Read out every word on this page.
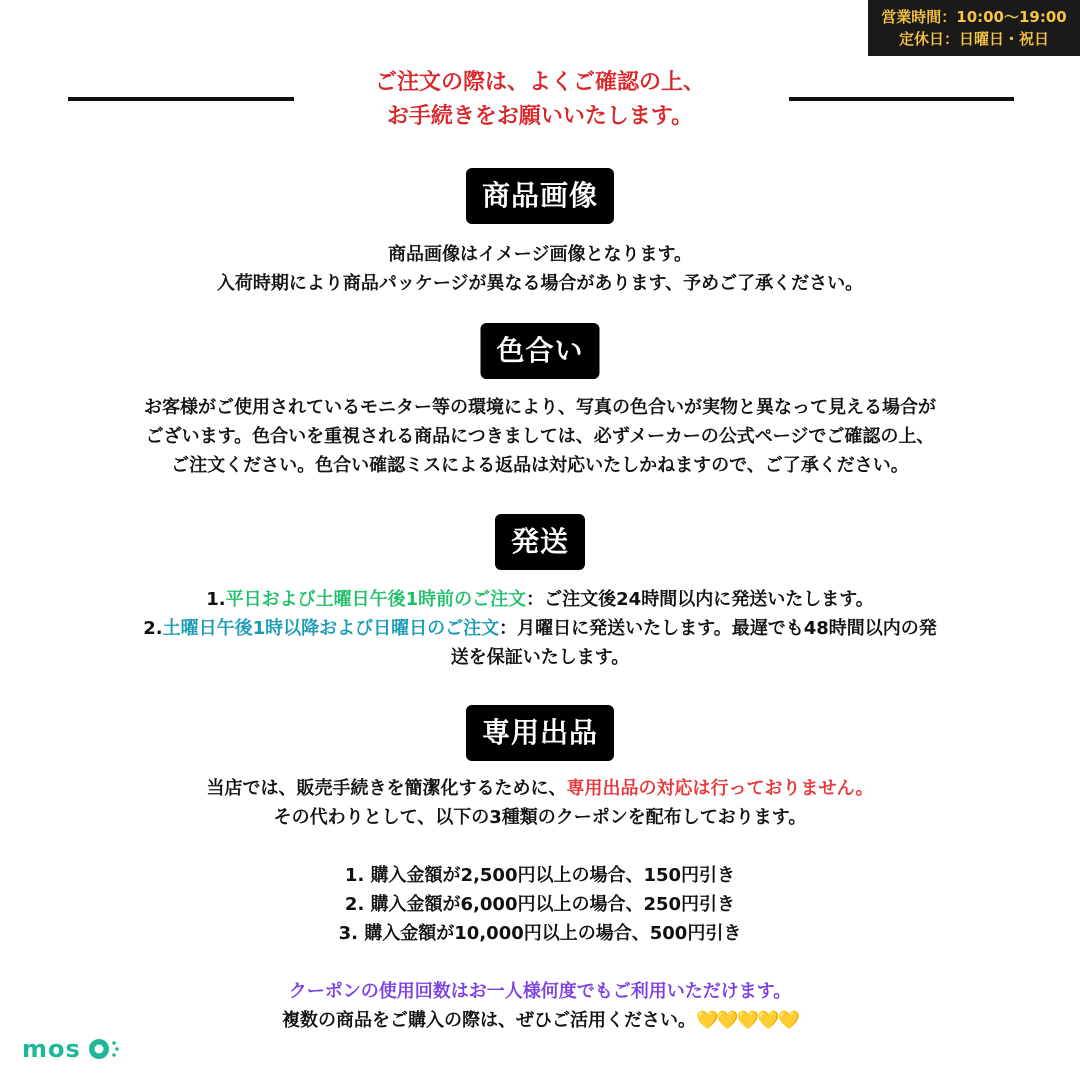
営業時間：10:00〜19:00
定休日：日曜日・祝日
ご注文の際は、よくご確認の上、
お手続きをお願いいたします。
商品画像
商品画像はイメージ画像となります。
入荷時期により商品パッケージが異なる場合があります、予めご了承ください。
色合い
お客様がご使用されているモニター等の環境により、写真の色合いが実物と異なって見える場合が
ございます。色合いを重視される商品につきましては、必ずメーカーの公式ページでご確認の上、
ご注文ください。色合い確認ミスによる返品は対応いたしかねますので、ご了承ください。
発送
1.平日および土曜日午後1時前のご注文：ご注文後24時間以内に発送いたします。
2.土曜日午後1時以降および日曜日のご注文：月曜日に発送いたします。最遅でも48時間以内の発
送を保証いたします。
専用出品
当店では、販売手続きを簡潔化するために、専用出品の対応は行っておりません。
その代わりとして、以下の3種類のクーポンを配布しております。
1. 購入金額が2,500円以上の場合、150円引き
2. 購入金額が6,000円以上の場合、250円引き
3. 購入金額が10,000円以上の場合、500円引き
クーポンの使用回数はお一人様何度でもご利用いただけます。
複数の商品をご購入の際は、ぜひご活用ください。💛💛💛💛💛
mos
